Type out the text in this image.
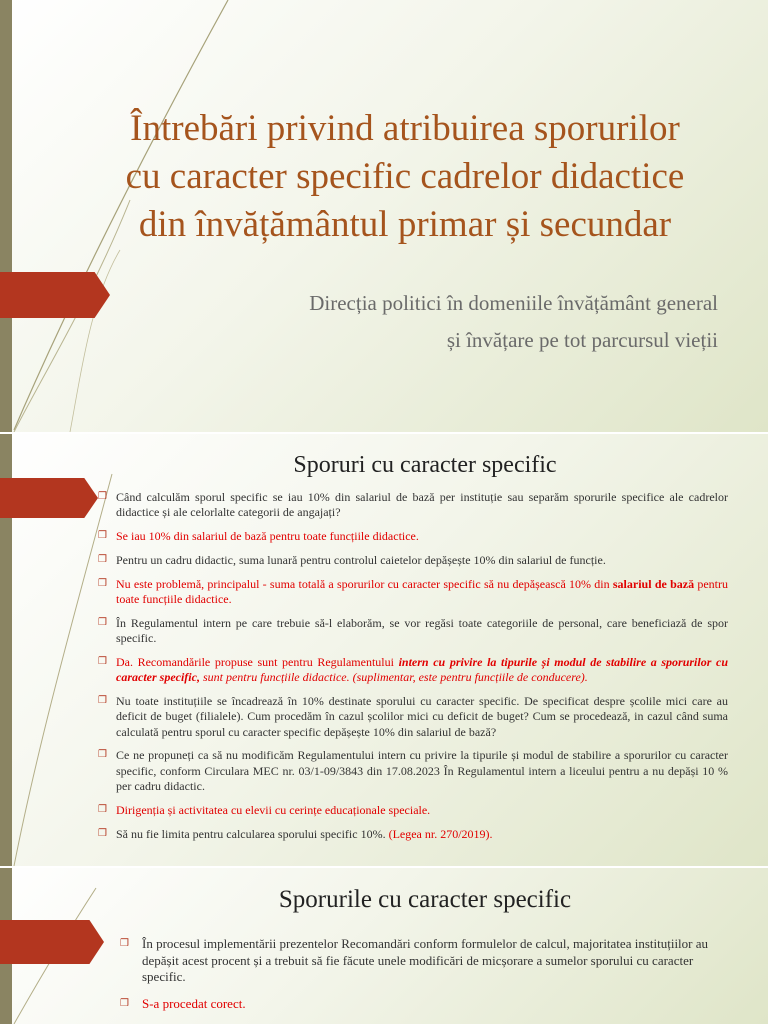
Întrebări privind atribuirea sporurilor
cu caracter specific cadrelor didactice
din învățământul primar și secundar
Direcția politici în domeniile învățământ general
și învățare pe tot parcursul vieții
Sporuri cu caracter specific
❒ Când calculăm sporul specific se iau 10% din salariul de bază per instituție sau separăm sporurile specifice ale cadrelor didactice și ale celorlalte categorii de angajați?
❒ Se iau 10% din salariul de bază pentru toate funcțiile didactice.
❒ Pentru un cadru didactic, suma lunară pentru controlul caietelor depășește 10% din salariul de funcție.
❒ Nu este problemă, principalul - suma totală a sporurilor cu caracter specific să nu depășească 10% din salariul de bază pentru toate funcțiile didactice.
❒ În Regulamentul intern pe care trebuie să-l elaborăm, se vor regăsi toate categoriile de personal, care beneficiază de spor specific.
❒ Da. Recomandările propuse sunt pentru Regulamentului intern cu privire la tipurile și modul de stabilire a sporurilor cu caracter specific, sunt pentru funcțiile didactice. (suplimentar, este pentru funcțiile de conducere).
❒ Nu toate instituțiile se încadrează în 10% destinate sporului cu caracter specific. De specificat despre școlile mici care au deficit de buget (filialele). Cum procedăm în cazul școlilor mici cu deficit de buget? Cum se procedează, in cazul când suma calculată pentru sporul cu caracter specific depășește 10% din salariul de bază?
❒ Ce ne propuneți ca să nu modificăm Regulamentului intern cu privire la tipurile și modul de stabilire a sporurilor cu caracter specific, conform Circulara MEC nr. 03/1-09/3843 din 17.08.2023 În Regulamentul intern a liceului pentru a nu depăși 10 % per cadru didactic.
❒ Dirigenția și activitatea cu elevii cu cerințe educaționale speciale.
❒ Să nu fie limita pentru calcularea sporului specific 10%. (Legea nr. 270/2019).
Sporurile cu caracter specific
❒ În procesul implementării prezentelor Recomandări conform formulelor de calcul, majoritatea instituțiilor au depășit acest procent și a trebuit să fie făcute unele modificări de micșorare a sumelor sporului cu caracter specific.
❒ S-a procedat corect.
